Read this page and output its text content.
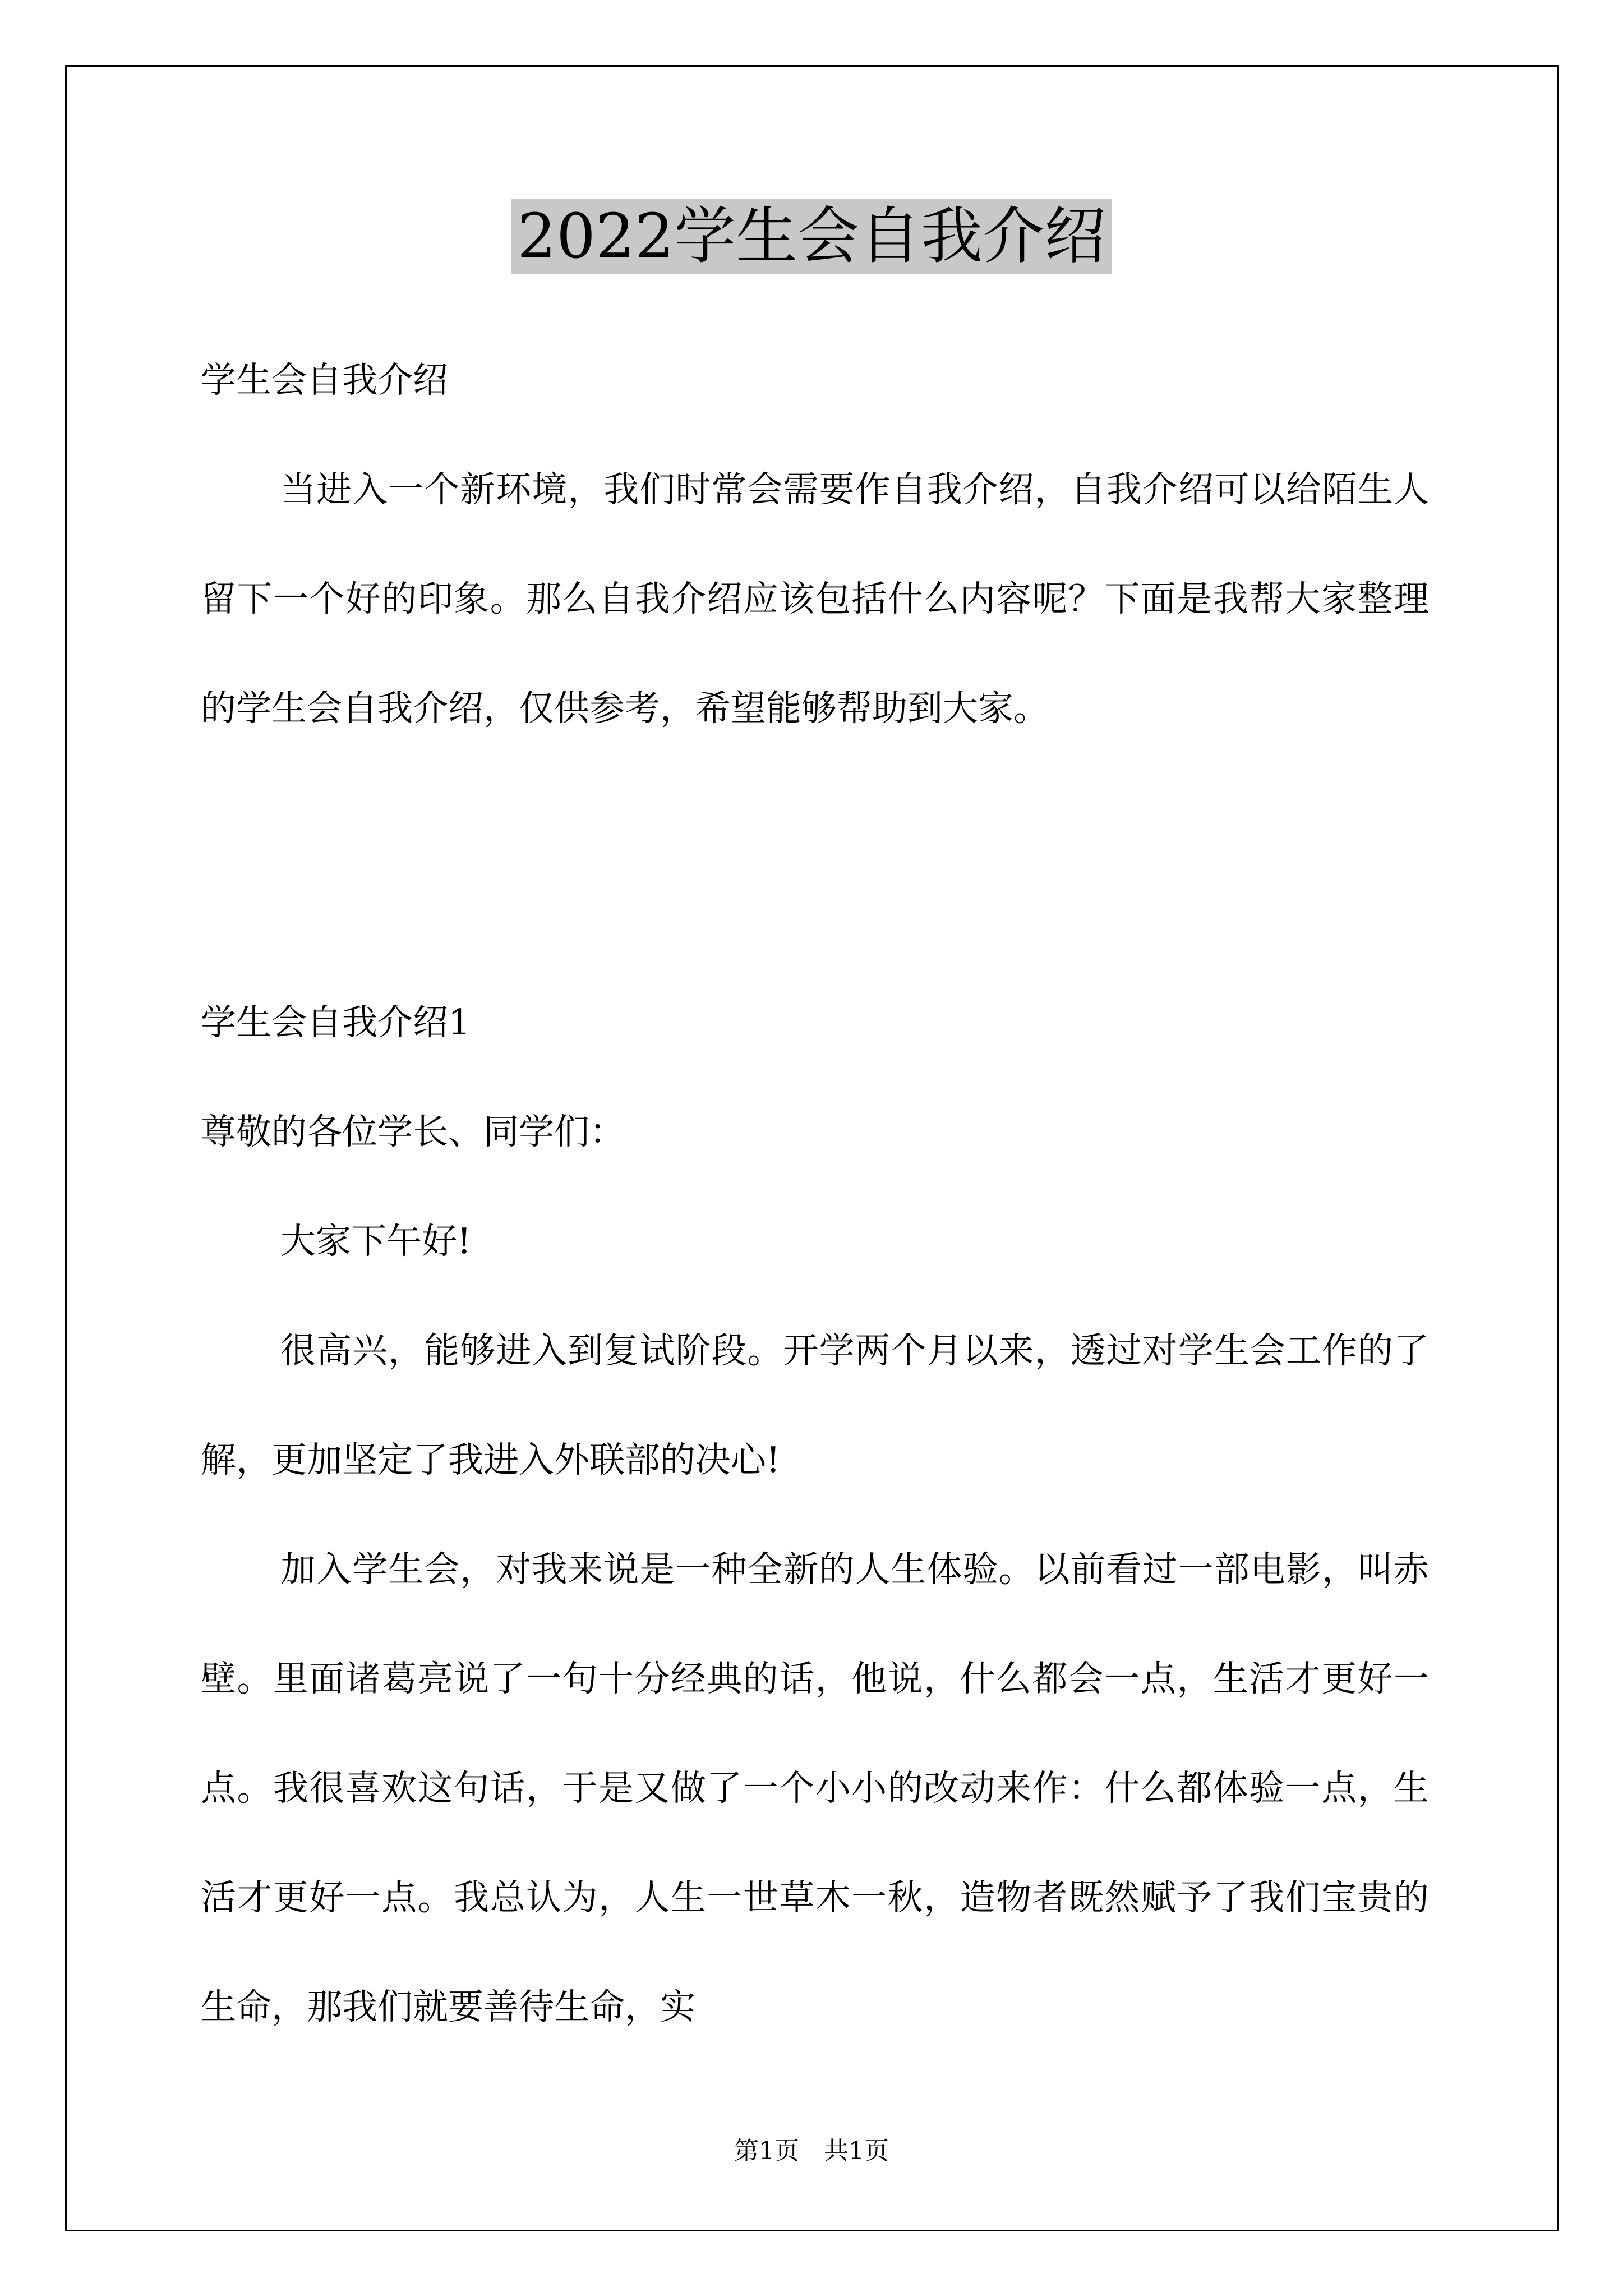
2022学生会自我介绍

学生会自我介绍

当进入一个新环境，我们时常会需要作自我介绍，自我介绍可以给陌生人留下一个好的印象。那么自我介绍应该包括什么内容呢？下面是我帮大家整理的学生会自我介绍，仅供参考，希望能够帮助到大家。

学生会自我介绍1

尊敬的各位学长、同学们：

大家下午好!

很高兴，能够进入到复试阶段。开学两个月以来，透过对学生会工作的了解，更加坚定了我进入外联部的决心!

加入学生会，对我来说是一种全新的人生体验。以前看过一部电影，叫赤壁。里面诸葛亮说了一句十分经典的话，他说，什么都会一点，生活才更好一点。我很喜欢这句话，于是又做了一个小小的改动来作：什么都体验一点，生活才更好一点。我总认为，人生一世草木一秋，造物者既然赋予了我们宝贵的生命，那我们就要善待生命，实

第1页　共1页
